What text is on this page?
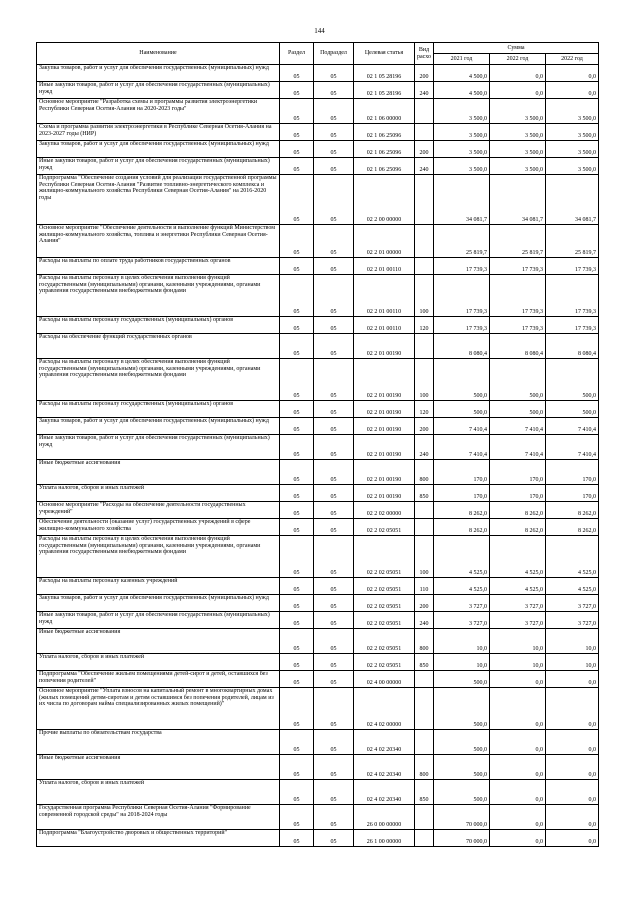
144
Наименование	Раздел	Подраздел	Целевая статья	Вид расхо	Сумма		
					2021 год	2022 год	2022 год
Закупка товаров, работ и услуг для обеспечения государственных (муниципальных) нужд	05	05	02 1 05 28196	200	4 500,0	0,0	0,0
Иные закупки товаров, работ и услуг для обеспечения государственных (муниципальных) нужд	05	05	02 1 05 28196	240	4 500,0	0,0	0,0
Основное мероприятие "Разработка схемы и программы развития электроэнергетики Республики Северная Осетия-Алания на 2020-2023 годы"	05	05	02 1 06 00000		3 500,0	3 500,0	3 500,0
Схема и программа развития электроэнергетики в Республике Северная Осетия-Алания на 2023-2027 годы (НИР)	05	05	02 1 06 25096		3 500,0	3 500,0	3 500,0
Закупка товаров, работ и услуг для обеспечения государственных (муниципальных) нужд	05	05	02 1 06 25096	200	3 500,0	3 500,0	3 500,0
Иные закупки товаров, работ и услуг для обеспечения государственных (муниципальных) нужд	05	05	02 1 06 25096	240	3 500,0	3 500,0	3 500,0
Подпрограмма "Обеспечение создания условий для реализации государственной программы Республики Северная Осетия-Алания "Развитие топливно-энергетического комплекса и жилищно-коммунального хозяйства Республики Северная Осетия-Алания" на 2016-2020 годы	05	05	02 2 00 00000		34 081,7	34 081,7	34 081,7
Основное мероприятие "Обеспечение деятельности и выполнение функций Министерством жилищно-коммунального хозяйства, топлива и энергетики Республики Северная Осетия-Алания"	05	05	02 2 01 00000		25 819,7	25 819,7	25 819,7
Расходы на выплаты по оплате труда работников государственных органов	05	05	02 2 01 00110		17 739,3	17 739,3	17 739,3
Расходы на выплаты персоналу в целях обеспечения выполнения функций государственными (муниципальными) органами, казенными учреждениями, органами управления государственными внебюджетными фондами	05	05	02 2 01 00110	100	17 739,3	17 739,3	17 739,3
Расходы на выплаты персоналу государственных (муниципальных) органов	05	05	02 2 01 00110	120	17 739,3	17 739,3	17 739,3
Расходы на обеспечение функций государственных органов	05	05	02 2 01 00190		8 080,4	8 080,4	8 080,4
Расходы на выплаты персоналу в целях обеспечения выполнения функций государственными (муниципальными) органами, казенными учреждениями, органами управления государственными внебюджетными фондами	05	05	02 2 01 00190	100	500,0	500,0	500,0
Расходы на выплаты персоналу государственных (муниципальных) органов	05	05	02 2 01 00190	120	500,0	500,0	500,0
Закупка товаров, работ и услуг для обеспечения государственных (муниципальных) нужд	05	05	02 2 01 00190	200	7 410,4	7 410,4	7 410,4
Иные закупки товаров, работ и услуг для обеспечения государственных (муниципальных) нужд	05	05	02 2 01 00190	240	7 410,4	7 410,4	7 410,4
Иные бюджетные ассигнования	05	05	02 2 01 00190	800	170,0	170,0	170,0
Уплата налогов, сборов и иных платежей	05	05	02 2 01 00190	850	170,0	170,0	170,0
Основное мероприятие "Расходы на обеспечение деятельности государственных учреждений"	05	05	02 2 02 00000		8 262,0	8 262,0	8 262,0
Обеспечение деятельности (оказание услуг) государственных учреждений в сфере жилищно-коммунального хозяйства	05	05	02 2 02 05051		8 262,0	8 262,0	8 262,0
Расходы на выплаты персоналу в целях обеспечения выполнения функций государственными (муниципальными) органами, казенными учреждениями, органами управления государственными внебюджетными фондами	05	05	02 2 02 05051	100	4 525,0	4 525,0	4 525,0
Расходы на выплаты персоналу казенных учреждений	05	05	02 2 02 05051	110	4 525,0	4 525,0	4 525,0
Закупка товаров, работ и услуг для обеспечения государственных (муниципальных) нужд	05	05	02 2 02 05051	200	3 727,0	3 727,0	3 727,0
Иные закупки товаров, работ и услуг для обеспечения государственных (муниципальных) нужд	05	05	02 2 02 05051	240	3 727,0	3 727,0	3 727,0
Иные бюджетные ассигнования	05	05	02 2 02 05051	800	10,0	10,0	10,0
Уплата налогов, сборов и иных платежей	05	05	02 2 02 05051	850	10,0	10,0	10,0
Подпрограмма "Обеспечение жильем помещениями детей-сирот и детей, оставшихся без попечения родителей"	05	05	02 4 00 00000		500,0	0,0	0,0
Основное мероприятие "Уплата взносов на капитальный ремонт в многоквартирных домах (жилых помещений детям-сиротам и детям оставшимся без попечения родителей, лицам из их числа по договорам найма специализированных жилых помещений)"	05	05	02 4 02 00000		500,0	0,0	0,0
Прочие выплаты по обязательствам государства	05	05	02 4 02 20340		500,0	0,0	0,0
Иные бюджетные ассигнования	05	05	02 4 02 20340	800	500,0	0,0	0,0
Уплата налогов, сборов и иных платежей	05	05	02 4 02 20340	850	500,0	0,0	0,0
Государственная программа Республики Северная Осетия-Алания "Формирование современной городской среды" на 2018-2024 годы	05	05	26 0 00 00000		70 000,0	0,0	0,0
Подпрограмма "Благоустройство дворовых и общественных территорий"	05	05	26 1 00 00000		70 000,0	0,0	0,0
